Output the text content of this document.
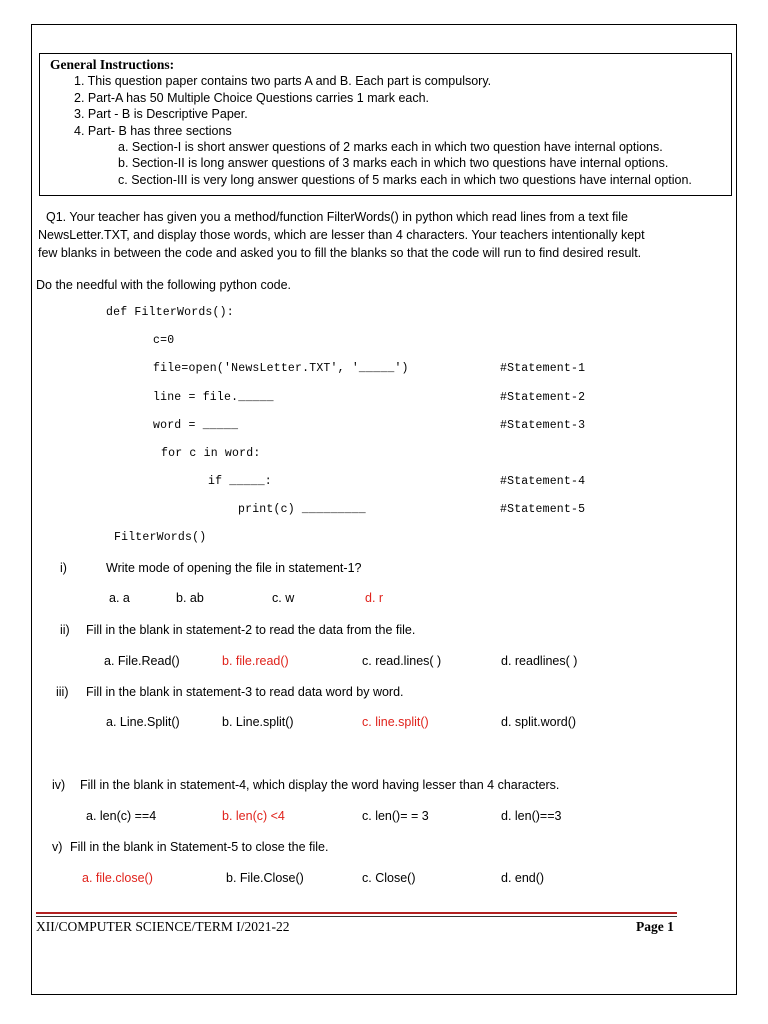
General Instructions:
1. This question paper contains two parts A and B. Each part is compulsory.
2. Part-A has 50 Multiple Choice Questions carries 1 mark each.
3. Part - B is Descriptive Paper.
4. Part- B has three sections
a. Section-I is short answer questions of 2 marks each in which two question have internal options.
b. Section-II is long answer questions of 3 marks each in which two questions have internal options.
c. Section-III is very long answer questions of 5 marks each in which two questions have internal option.
Q1. Your teacher has given you a method/function FilterWords() in python which read lines from a text file
NewsLetter.TXT, and display those words, which are lesser than 4 characters. Your teachers intentionally kept
few blanks in between the code and asked you to fill the blanks so that the code will run to find desired result.
Do the needful with the following python code.
def FilterWords():
c=0
file=open('NewsLetter.TXT', '_____')	#Statement-1
line = file._____	#Statement-2
word = _____	#Statement-3
for c in word:
if _____:	#Statement-4
print(c) _________	#Statement-5
FilterWords()
i)	Write mode of opening the file in statement-1?
a. a	b. ab	c. w	d. r
ii) Fill in the blank in statement-2 to read the data from the file.
a. File.Read()	b. file.read()	c. read.lines( )	d. readlines( )
iii) Fill in the blank in statement-3 to read data word by word.
a. Line.Split()	b. Line.split()	c. line.split()	d. split.word()
iv) Fill in the blank in statement-4, which display the word having lesser than 4 characters.
a. len(c) ==4	b. len(c) <4	c. len()= = 3	d. len()==3
v) Fill in the blank in Statement-5 to close the file.
a. file.close()	b. File.Close()	c. Close()	d. end()
XII/COMPUTER SCIENCE/TERM I/2021-22	Page 1
